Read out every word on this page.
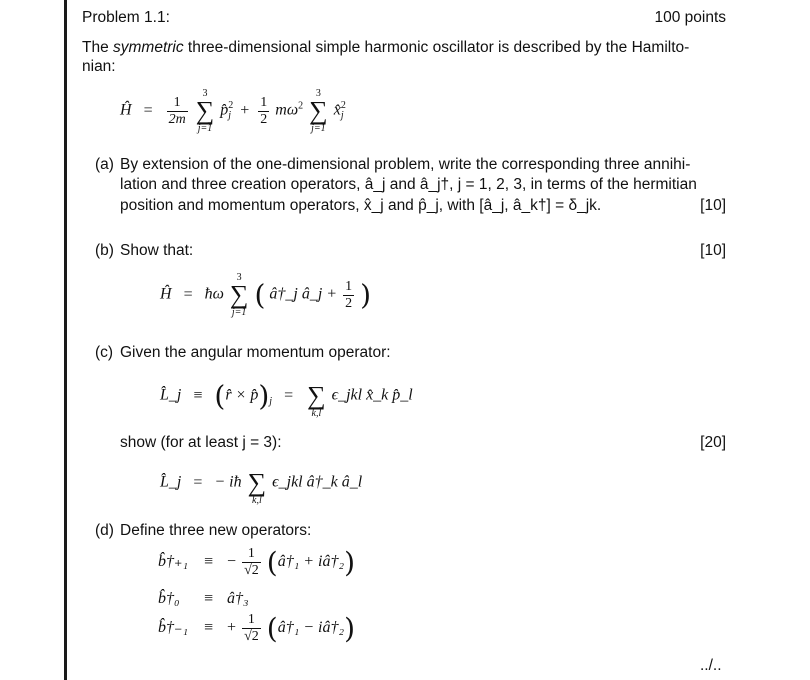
Problem 1.1:	100 points
The symmetric three-dimensional simple harmonic oscillator is described by the Hamilto-
nian:
Ĥ = $\frac{1}{2m}$

3
∑
j=1
p̂ 2
$j + \frac{1}{2} m\omega^2$
3
∑
j=1
x̂ 2
j
(a) By extension of the one-dimensional problem, write the corresponding three annihi-
lation and three creation operators, â_j and â_j†, j = 1, 2, 3, in terms of the hermitian
position and momentum operators, x̂_j and p̂_j, with [â_j, â_k†] = δ_jk.	[10]
(b) Show that:	[10]
Ĥ = ħω
3
∑
j=1
( â†_j â_j + $\frac{1}{2}$ )
(c) Given the angular momentum operator:
L̂_j ≡ (r̂ × $p̂)_j$ =
∑
k,l
ϵ_jkl x̂_k p̂_l
show (for at least j = 3):	[20]
L̂_j = − iħ
∑
k,l
ϵ_jkl â†_k â_l
(d) Define three new operators:
b̂†₊₁ ≡ − $\frac{1}{√2}$ (â†₁ + iâ†₂)
b̂†₀ ≡ â†₃
b̂†₋₁ ≡ + $\frac{1}{√2}$ (â†₁ − iâ†₂)
../..
